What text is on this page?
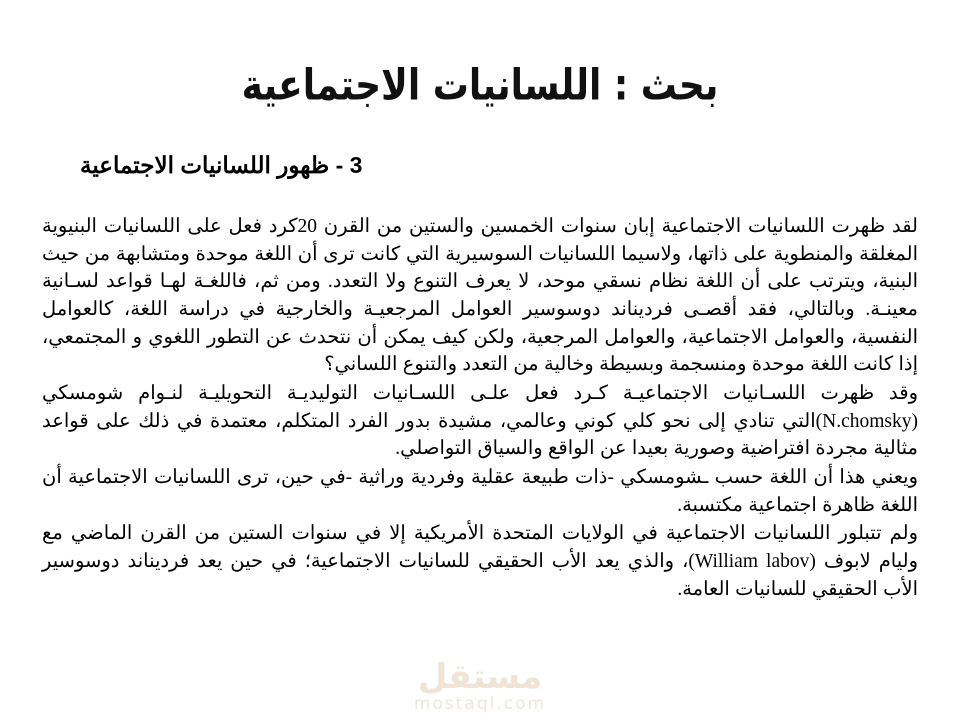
مستقل
mostaql.com
بحث : اللسانيات الاجتماعية
3 - ظهور اللسانيات الاجتماعية

لقد ظهرت اللسانيات الاجتماعية إبان سنوات الخمسين والستين من القرن 20كرد فعل على اللسانيات البنيوية المغلقة والمنطوية على ذاتها، ولاسيما اللسانيات السوسيرية التي كانت ترى أن اللغة موحدة ومتشابهة من حيث البنية، ويترتب على أن اللغة نظام نسقي موحد، لا يعرف التنوع ولا التعدد. ومن ثم، فاللغـة لهـا قواعد لسـانية معينـة. وبالتالي، فقد أقصـى فرديناند دوسوسير العوامل المرجعيـة والخارجية في دراسة اللغة، كالعوامل النفسية، والعوامل الاجتماعية، والعوامل المرجعية، ولكن كيف يمكن أن نتحدث عن التطور اللغوي و المجتمعي، إذا كانت اللغة موحدة ومنسجمة وبسيطة وخالية من التعدد والتنوع اللساني؟

وقد ظهرت اللسـانيات الاجتماعيـة كـرد فعل علـى اللسـانيات التوليديـة التحويليـة لنـوام شومسكي (N.chomsky)التي تنادي إلى نحو كلي كوني وعالمي، مشيدة بدور الفرد المتكلم، معتمدة في ذلك على قواعد مثالية مجردة افتراضية وصورية بعيدا عن الواقع والسياق التواصلي.

ويعني هذا أن اللغة حسب ـشومسكي -ذات طبيعة عقلية وفردية وراثية -في حين، ترى اللسانيات الاجتماعية أن اللغة ظاهرة اجتماعية مكتسبة.

ولم تتبلور اللسانيات الاجتماعية في الولايات المتحدة الأمريكية إلا في سنوات الستين من القرن الماضي مع وليام لابوف (William labov)، والذي يعد الأب الحقيقي للسانيات الاجتماعية؛ في حين يعد فرديناند دوسوسير الأب الحقيقي للسانيات العامة.
